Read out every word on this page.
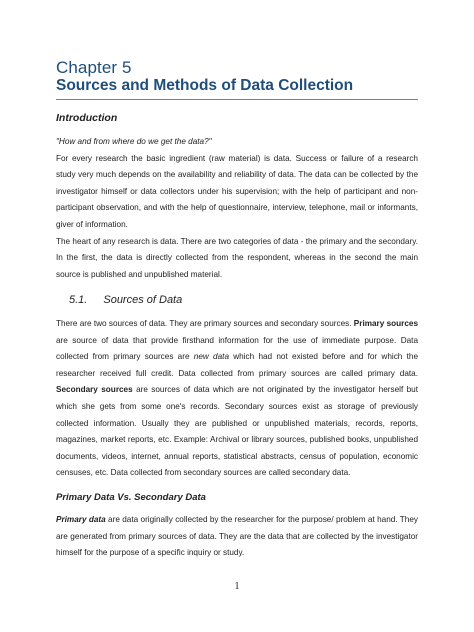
Chapter 5
Sources and Methods of Data Collection
Introduction
"How and from where do we get the data?"
For every research the basic ingredient (raw material) is data. Success or failure of a research study very much depends on the availability and reliability of data. The data can be collected by the investigator himself or data collectors under his supervision; with the help of participant and non-participant observation, and with the help of questionnaire, interview, telephone, mail or informants, giver of information.
The heart of any research is data. There are two categories of data - the primary and the secondary. In the first, the data is directly collected from the respondent, whereas in the second the main source is published and unpublished material.
5.1. Sources of Data
There are two sources of data. They are primary sources and secondary sources. Primary sources are source of data that provide firsthand information for the use of immediate purpose. Data collected from primary sources are new data which had not existed before and for which the researcher received full credit. Data collected from primary sources are called primary data. Secondary sources are sources of data which are not originated by the investigator herself but which she gets from some one's records. Secondary sources exist as storage of previously collected information. Usually they are published or unpublished materials, records, reports, magazines, market reports, etc. Example: Archival or library sources, published books, unpublished documents, videos, internet, annual reports, statistical abstracts, census of population, economic censuses, etc. Data collected from secondary sources are called secondary data.
Primary Data Vs. Secondary Data
Primary data are data originally collected by the researcher for the purpose/ problem at hand. They are generated from primary sources of data. They are the data that are collected by the investigator himself for the purpose of a specific inquiry or study.
1
